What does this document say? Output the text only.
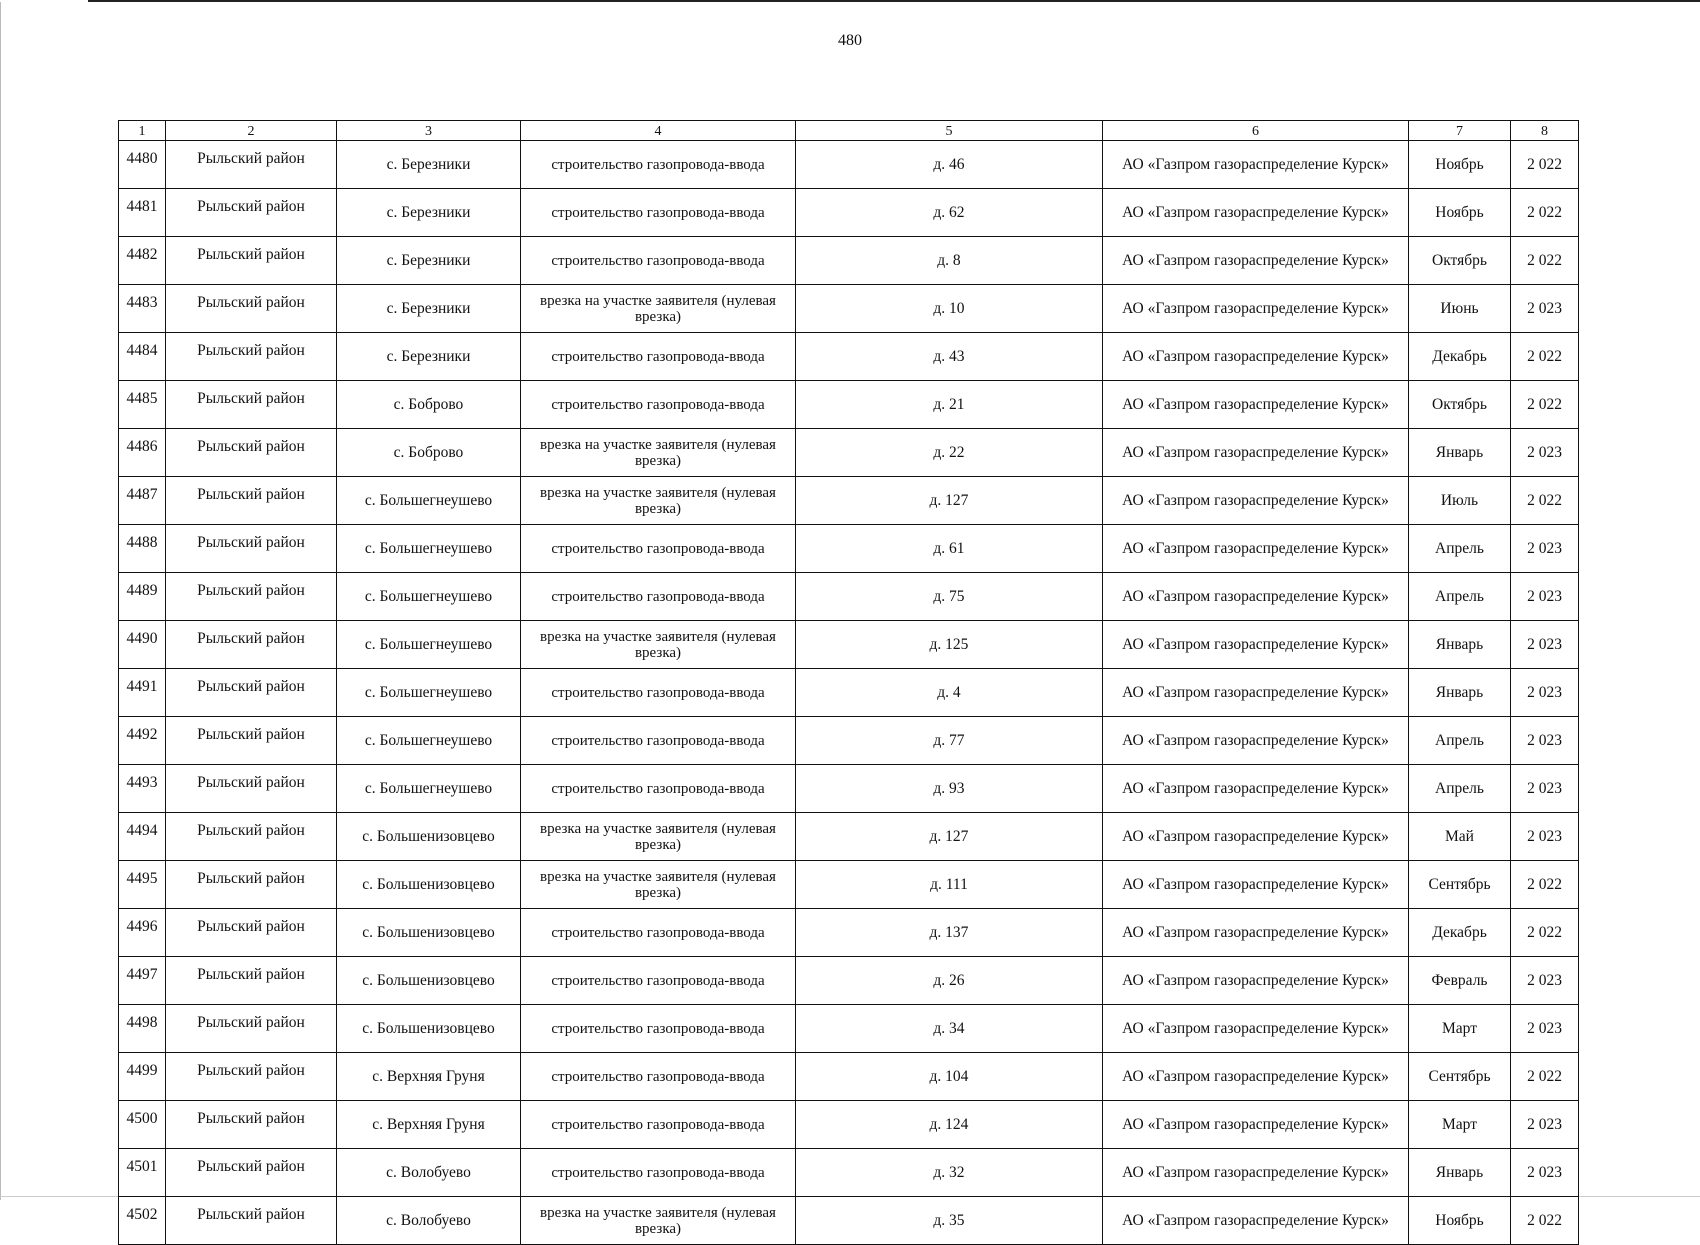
480
1	2	3	4	5	6	7	8
4480	Рыльский район	с. Березники	строительство газопровода-ввода	д. 46	АО «Газпром газораспределение Курск»	Ноябрь	2 022
4481	Рыльский район	с. Березники	строительство газопровода-ввода	д. 62	АО «Газпром газораспределение Курск»	Ноябрь	2 022
4482	Рыльский район	с. Березники	строительство газопровода-ввода	д. 8	АО «Газпром газораспределение Курск»	Октябрь	2 022
4483	Рыльский район	с. Березники	врезка на участке заявителя (нулевая врезка)	д. 10	АО «Газпром газораспределение Курск»	Июнь	2 023
4484	Рыльский район	с. Березники	строительство газопровода-ввода	д. 43	АО «Газпром газораспределение Курск»	Декабрь	2 022
4485	Рыльский район	с. Боброво	строительство газопровода-ввода	д. 21	АО «Газпром газораспределение Курск»	Октябрь	2 022
4486	Рыльский район	с. Боброво	врезка на участке заявителя (нулевая врезка)	д. 22	АО «Газпром газораспределение Курск»	Январь	2 023
4487	Рыльский район	с. Большегнеушево	врезка на участке заявителя (нулевая врезка)	д. 127	АО «Газпром газораспределение Курск»	Июль	2 022
4488	Рыльский район	с. Большегнеушево	строительство газопровода-ввода	д. 61	АО «Газпром газораспределение Курск»	Апрель	2 023
4489	Рыльский район	с. Большегнеушево	строительство газопровода-ввода	д. 75	АО «Газпром газораспределение Курск»	Апрель	2 023
4490	Рыльский район	с. Большегнеушево	врезка на участке заявителя (нулевая врезка)	д. 125	АО «Газпром газораспределение Курск»	Январь	2 023
4491	Рыльский район	с. Большегнеушево	строительство газопровода-ввода	д. 4	АО «Газпром газораспределение Курск»	Январь	2 023
4492	Рыльский район	с. Большегнеушево	строительство газопровода-ввода	д. 77	АО «Газпром газораспределение Курск»	Апрель	2 023
4493	Рыльский район	с. Большегнеушево	строительство газопровода-ввода	д. 93	АО «Газпром газораспределение Курск»	Апрель	2 023
4494	Рыльский район	с. Большенизовцево	врезка на участке заявителя (нулевая врезка)	д. 127	АО «Газпром газораспределение Курск»	Май	2 023
4495	Рыльский район	с. Большенизовцево	врезка на участке заявителя (нулевая врезка)	д. 111	АО «Газпром газораспределение Курск»	Сентябрь	2 022
4496	Рыльский район	с. Большенизовцево	строительство газопровода-ввода	д. 137	АО «Газпром газораспределение Курск»	Декабрь	2 022
4497	Рыльский район	с. Большенизовцево	строительство газопровода-ввода	д. 26	АО «Газпром газораспределение Курск»	Февраль	2 023
4498	Рыльский район	с. Большенизовцево	строительство газопровода-ввода	д. 34	АО «Газпром газораспределение Курск»	Март	2 023
4499	Рыльский район	с. Верхняя Груня	строительство газопровода-ввода	д. 104	АО «Газпром газораспределение Курск»	Сентябрь	2 022
4500	Рыльский район	с. Верхняя Груня	строительство газопровода-ввода	д. 124	АО «Газпром газораспределение Курск»	Март	2 023
4501	Рыльский район	с. Волобуево	строительство газопровода-ввода	д. 32	АО «Газпром газораспределение Курск»	Январь	2 023
4502	Рыльский район	с. Волобуево	врезка на участке заявителя (нулевая врезка)	д. 35	АО «Газпром газораспределение Курск»	Ноябрь	2 022
